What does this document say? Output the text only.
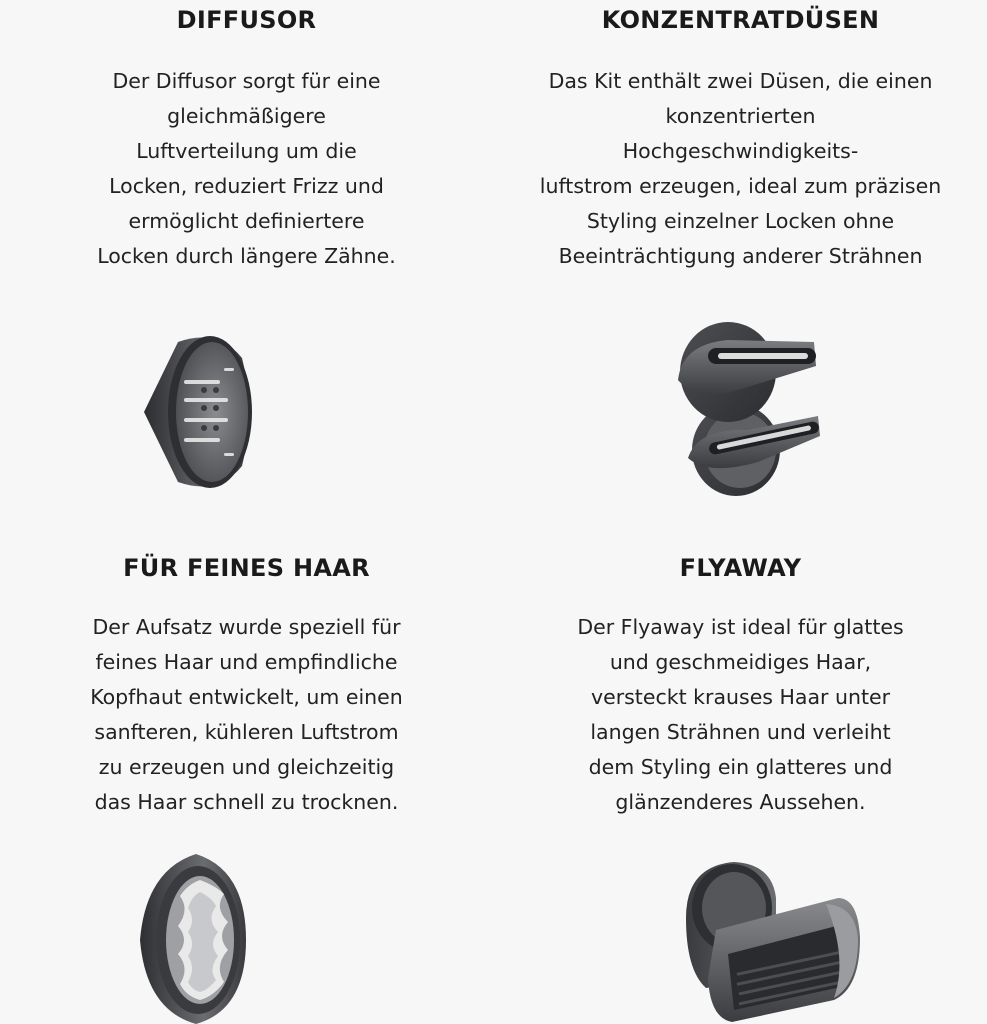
DIFFUSOR

Der Diffusor sorgt für eine
gleichmäßigere
Luftverteilung um die
Locken, reduziert Frizz und
ermöglicht definiertere
Locken durch längere Zähne.

KONZENTRATDÜSEN

Das Kit enthält zwei Düsen, die einen
konzentrierten
Hochgeschwindigkeits-
luftstrom erzeugen, ideal zum präzisen
Styling einzelner Locken ohne
Beeinträchtigung anderer Strähnen

FÜR FEINES HAAR

Der Aufsatz wurde speziell für
feines Haar und empfindliche
Kopfhaut entwickelt, um einen
sanfteren, kühleren Luftstrom
zu erzeugen und gleichzeitig
das Haar schnell zu trocknen.

FLYAWAY

Der Flyaway ist ideal für glattes
und geschmeidiges Haar,
versteckt krauses Haar unter
langen Strähnen und verleiht
dem Styling ein glatteres und
glänzenderes Aussehen.
